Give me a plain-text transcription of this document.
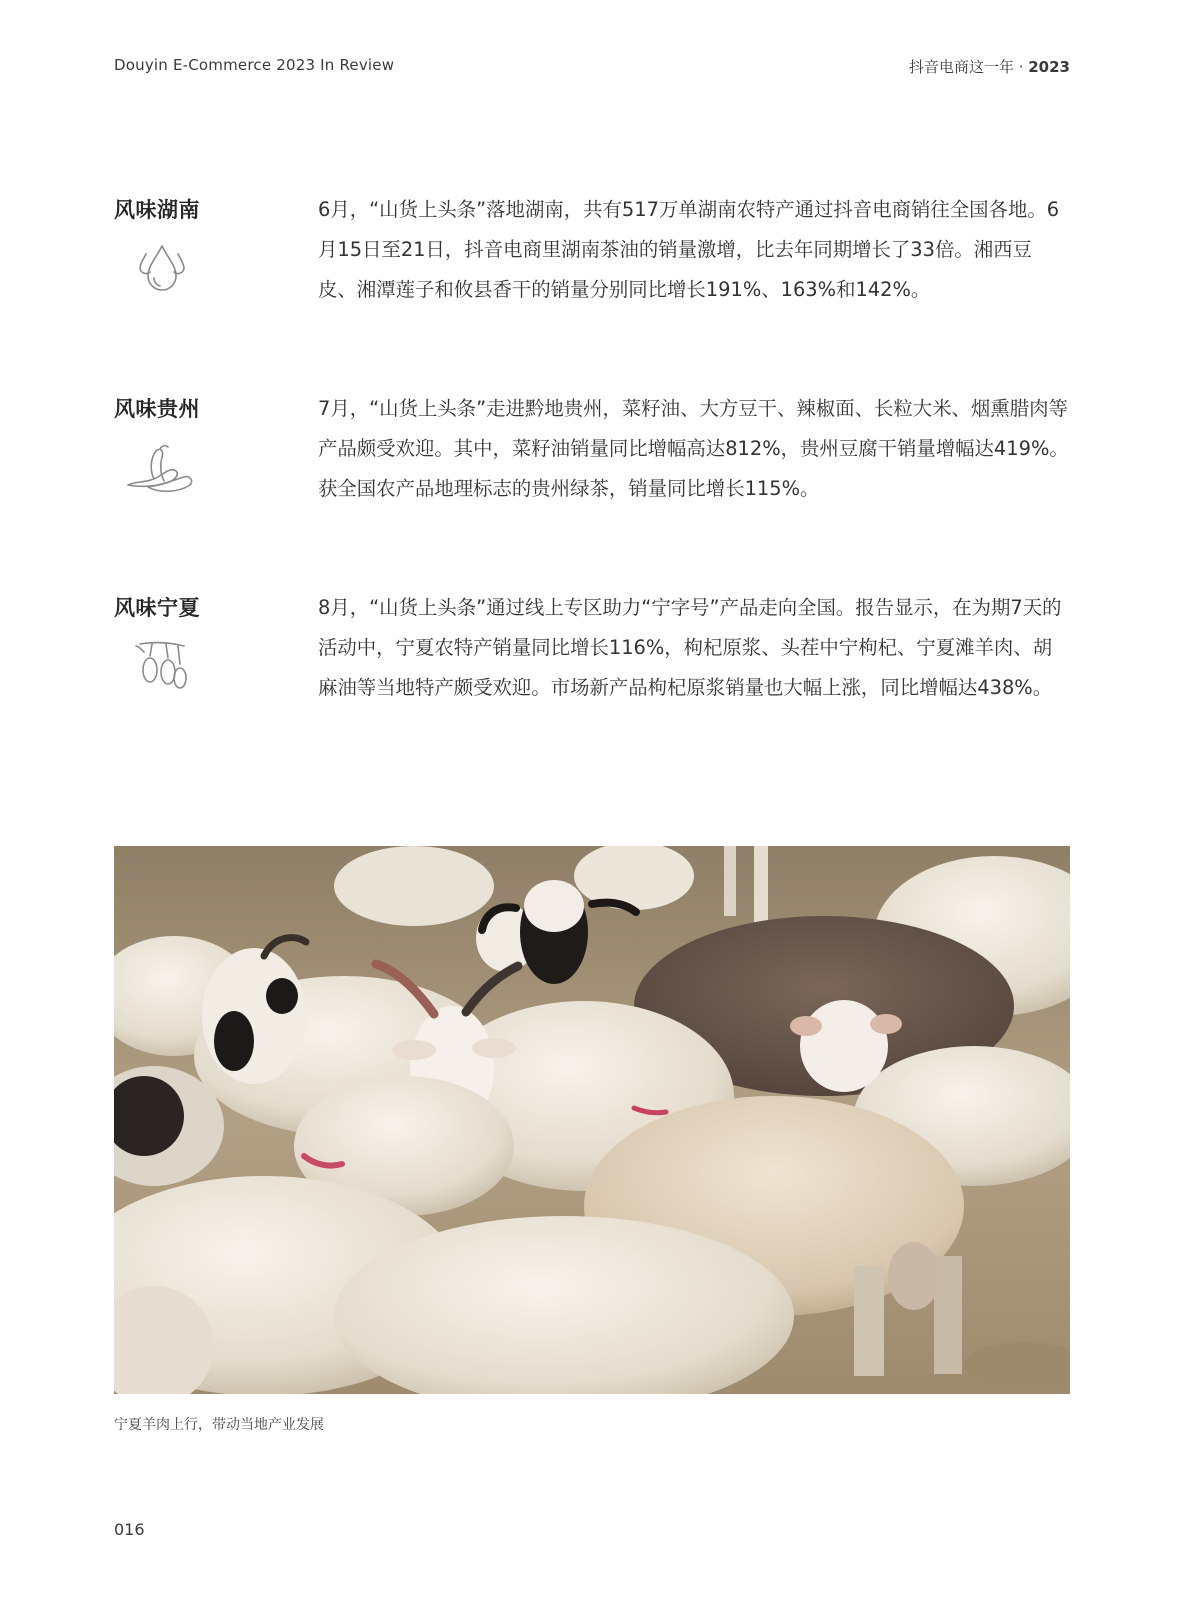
Douyin E-Commerce 2023 In Review	抖音电商这一年 · 2023
风味湖南	6月，“山货上头条”落地湖南，共有517万单湖南农特产通过抖音电商销往全国各地。6月15日至21日，抖音电商里湖南茶油的销量激增，比去年同期增长了33倍。湘西豆皮、湘潭莲子和攸县香干的销量分别同比增长191%、163%和142%。
风味贵州	7月，“山货上头条”走进黔地贵州，菜籽油、大方豆干、辣椒面、长粒大米、烟熏腊肉等产品颇受欢迎。其中，菜籽油销量同比增幅高达812%，贵州豆腐干销量增幅达419%。获全国农产品地理标志的贵州绿茶，销量同比增长115%。
风味宁夏	8月，“山货上头条”通过线上专区助力“宁字号”产品走向全国。报告显示，在为期7天的活动中，宁夏农特产销量同比增长116%，枸杞原浆、头茬中宁枸杞、宁夏滩羊肉、胡麻油等当地特产颇受欢迎。市场新产品枸杞原浆销量也大幅上涨，同比增幅达438%。
宁夏羊肉上行，带动当地产业发展
016
